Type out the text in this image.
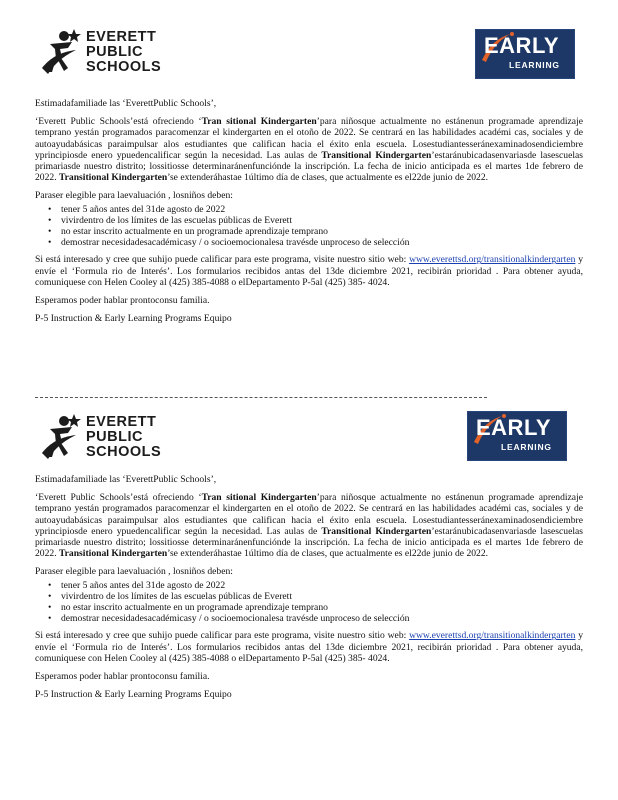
EVERETT
PUBLIC
SCHOOLS
EARLY
LEARNING

Estimadafamiliade las ‘EverettPublic Schools’,

‘Everett Public Schools’está ofreciendo ‘Tran sitional Kindergarten’para niñosque actualmente no estánenun programade aprendizaje temprano yestán programados paracomenzar el kindergarten en el otoño de 2022. Se centrará en las habilidades académi cas, sociales y de autoayudabásicas paraimpulsar alos estudiantes que califican hacia el éxito enla escuela. Losestudiantesseránexaminadosendiciembre yprincipiosde enero ypuedencalificar según la necesidad. Las aulas de Transitional Kindergarten’estaránubicadasenvariasde lasescuelas primariasde nuestro distrito; lossitiosse determinaránenfunciónde la inscripción. La fecha de inicio anticipada es el martes 1de febrero de 2022. Transitional Kindergarten’se extenderáhastae 1último día de clases, que actualmente es el22de junio de 2022.

Paraser elegible para laevaluación , losniños deben:

• tener 5 años antes del 31de agosto de 2022
• vivirdentro de los límites de las escuelas públicas de Everett
• no estar inscrito actualmente en un programade aprendizaje temprano
• demostrar necesidadesacadémicasy / o socioemocionalesa travésde unproceso de selección

Si está interesado y cree que suhijo puede calificar para este programa, visite nuestro sitio web: www.everettsd.org/transitionalkindergarten y envíe el ‘Formula rio de Interés’. Los formularios recibidos antas del 13de diciembre 2021, recibirán prioridad . Para obtener ayuda, comuniquese con Helen Cooley al (425) 385-4088 o elDepartamento P-5al (425) 385- 4024.

Esperamos poder hablar prontoconsu familia.

P-5 Instruction & Early Learning Programs Equipo

EVERETT
PUBLIC
SCHOOLS
EARLY
LEARNING

Estimadafamiliade las ‘EverettPublic Schools’,

‘Everett Public Schools’está ofreciendo ‘Tran sitional Kindergarten’para niñosque actualmente no estánenun programade aprendizaje temprano yestán programados paracomenzar el kindergarten en el otoño de 2022. Se centrará en las habilidades académi cas, sociales y de autoayudabásicas paraimpulsar alos estudiantes que califican hacia el éxito enla escuela. Losestudiantesseránexaminadosendiciembre yprincipiosde enero ypuedencalificar según la necesidad. Las aulas de Transitional Kindergarten’estaránubicadasenvariasde lasescuelas primariasde nuestro distrito; lossitiosse determinaránenfunciónde la inscripción. La fecha de inicio anticipada es el martes 1de febrero de 2022. Transitional Kindergarten’se extenderáhastae 1último día de clases, que actualmente es el22de junio de 2022.

Paraser elegible para laevaluación , losniños deben:

• tener 5 años antes del 31de agosto de 2022
• vivirdentro de los límites de las escuelas públicas de Everett
• no estar inscrito actualmente en un programade aprendizaje temprano
• demostrar necesidadesacadémicasy / o socioemocionalesa travésde unproceso de selección

Si está interesado y cree que suhijo puede calificar para este programa, visite nuestro sitio web: www.everettsd.org/transitionalkindergarten y envíe el ‘Formula rio de Interés’. Los formularios recibidos antas del 13de diciembre 2021, recibirán prioridad . Para obtener ayuda, comuniquese con Helen Cooley al (425) 385-4088 o elDepartamento P-5al (425) 385- 4024.

Esperamos poder hablar prontoconsu familia.

P-5 Instruction & Early Learning Programs Equipo
